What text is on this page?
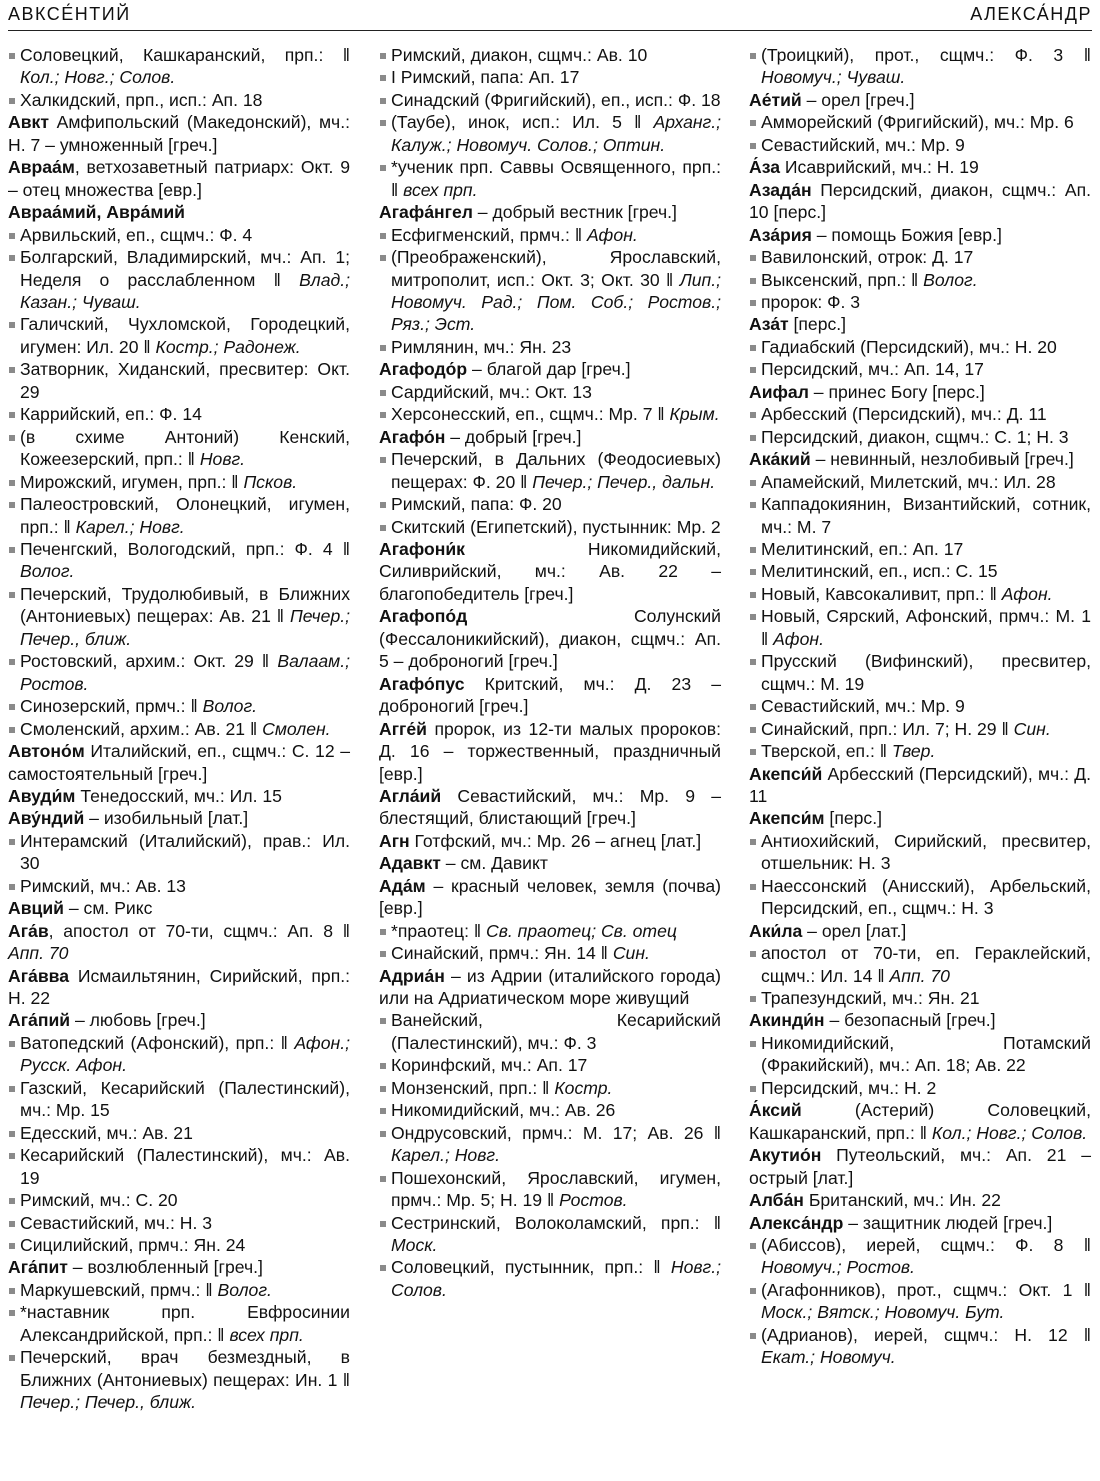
АВКСЕ́НТИЙ	АЛЕКСА́НДР
Соловецкий, Кашкаранский, прп.: ‖ Кол.; Новг.; Солов.
Халкидский, прп., исп.: Ап. 18
Авкт Амфипольский (Македонский), мч.: Н. 7 – умноженный [греч.]
Авраа́м, ветхозаветный патриарх: Окт. 9 – отец множества [евр.]
Авраа́мий, Авра́мий
Арвильский, еп., сщмч.: Ф. 4
Болгарский, Владимирский, мч.: Ап. 1; Неделя о расслабленном ‖ Влад.; Казан.; Чуваш.
Галичский, Чухломской, Городецкий, игумен: Ил. 20 ‖ Костр.; Радонеж.
Затворник, Хиданский, пресвитер: Окт. 29
Каррийский, еп.: Ф. 14
(в схиме Антоний) Кенский, Кожеезерский, прп.: ‖ Новг.
Мирожский, игумен, прп.: ‖ Псков.
Палеостровский, Олонецкий, игумен, прп.: ‖ Карел.; Новг.
Печенгский, Вологодский, прп.: Ф. 4 ‖ Волог.
Печерский, Трудолюбивый, в Ближних (Антониевых) пещерах: Ав. 21 ‖ Печер.; Печер., ближ.
Ростовский, архим.: Окт. 29 ‖ Валаам.; Ростов.
Синозерский, прмч.: ‖ Волог.
Смоленский, архим.: Ав. 21 ‖ Смолен.
Автоно́м Италийский, еп., сщмч.: С. 12 – самостоятельный [греч.]
Авуди́м Тенедосский, мч.: Ил. 15
Аву́ндий – изобильный [лат.]
Интерамский (Италийский), прав.: Ил. 30
Римский, мч.: Ав. 13
Авций – см. Рикс
Ага́в, апостол от 70-ти, сщмч.: Ап. 8 ‖ Апп. 70
Ага́вва Исмаильтянин, Сирийский, прп.: Н. 22
Ага́пий – любовь [греч.]
Ватопедский (Афонский), прп.: ‖ Афон.; Русск. Афон.
Газский, Кесарийский (Палестинский), мч.: Мр. 15
Едесский, мч.: Ав. 21
Кесарийский (Палестинский), мч.: Ав. 19
Римский, мч.: С. 20
Севастийский, мч.: Н. 3
Сицилийский, прмч.: Ян. 24
Ага́пит – возлюбленный [греч.]
Маркушевский, прмч.: ‖ Волог.
*наставник прп. Евфросинии Александрийской, прп.: ‖ всех прп.
Печерский, врач безмездный, в Ближних (Антониевых) пещерах: Ин. 1 ‖ Печер.; Печер., ближ.
Римский, диакон, сщмч.: Ав. 10
I Римский, папа: Ап. 17
Синадский (Фригийский), еп., исп.: Ф. 18
(Таубе), инок, исп.: Ил. 5 ‖ Арханг.; Калуж.; Новомуч. Солов.; Оптин.
*ученик прп. Саввы Освященного, прп.: ‖ всех прп.
Агафа́нгел – добрый вестник [греч.]
Есфигменский, прмч.: ‖ Афон.
(Преображенский), Ярославский, митрополит, исп.: Окт. 3; Окт. 30 ‖ Лип.; Новомуч. Рад.; Пом. Соб.; Ростов.; Ряз.; Эст.
Римлянин, мч.: Ян. 23
Агафодо́р – благой дар [греч.]
Сардийский, мч.: Окт. 13
Херсонесский, еп., сщмч.: Мр. 7 ‖ Крым.
Агафо́н – добрый [греч.]
Печерский, в Дальних (Феодосиевых) пещерах: Ф. 20 ‖ Печер.; Печер., дальн.
Римский, папа: Ф. 20
Скитский (Египетский), пустынник: Мр. 2
Агафони́к Никомидийский, Силиврийский, мч.: Ав. 22 – благопобедитель [греч.]
Агафопо́д Солунский (Фессалоникийский), диакон, сщмч.: Ап. 5 – доброногий [греч.]
Агафо́пус Критский, мч.: Д. 23 – доброногий [греч.]
Агге́й пророк, из 12-ти малых пророков: Д. 16 – торжественный, праздничный [евр.]
Агла́ий Севастийский, мч.: Мр. 9 – блестящий, блистающий [греч.]
Агн Готфский, мч.: Мр. 26 – агнец [лат.]
Адавкт – см. Давикт
Ада́м – красный человек, земля (почва) [евр.]
*праотец: ‖ Св. праотец; Св. отец
Синайский, прмч.: Ян. 14 ‖ Син.
Адриа́н – из Адрии (италийского города) или на Адриатическом море живущий
Ванейский, Кесарийский (Палестинский), мч.: Ф. 3
Коринфский, мч.: Ап. 17
Монзенский, прп.: ‖ Костр.
Никомидийский, мч.: Ав. 26
Ондрусовский, прмч.: М. 17; Ав. 26 ‖ Карел.; Новг.
Пошехонский, Ярославский, игумен, прмч.: Мр. 5; Н. 19 ‖ Ростов.
Сестринский, Волоколамский, прп.: ‖ Моск.
Соловецкий, пустынник, прп.: ‖ Новг.; Солов.
(Троицкий), прот., сщмч.: Ф. 3 ‖ Новомуч.; Чуваш.
Ае́тий – орел [греч.]
Амморейский (Фригийский), мч.: Мр. 6
Севастийский, мч.: Мр. 9
А́за Исаврийский, мч.: Н. 19
Азада́н Персидский, диакон, сщмч.: Ап. 10 [перс.]
Аза́рия – помощь Божия [евр.]
Вавилонский, отрок: Д. 17
Выксенский, прп.: ‖ Волог.
пророк: Ф. 3
Аза́т [перс.]
Гадиабский (Персидский), мч.: Н. 20
Персидский, мч.: Ап. 14, 17
Аифал – принес Богу [перс.]
Арбесский (Персидский), мч.: Д. 11
Персидский, диакон, сщмч.: С. 1; Н. 3
Ака́кий – невинный, незлобивый [греч.]
Апамейский, Милетский, мч.: Ил. 28
Каппадокиянин, Византийский, сотник, мч.: М. 7
Мелитинский, еп.: Ап. 17
Мелитинский, еп., исп.: С. 15
Новый, Кавсокаливит, прп.: ‖ Афон.
Новый, Сярский, Афонский, прмч.: М. 1 ‖ Афон.
Прусский (Вифинский), пресвитер, сщмч.: М. 19
Севастийский, мч.: Мр. 9
Синайский, прп.: Ил. 7; Н. 29 ‖ Син.
Тверской, еп.: ‖ Твер.
Акепси́й Арбесский (Персидский), мч.: Д. 11
Акепси́м [перс.]
Антиохийский, Сирийский, пресвитер, отшельник: Н. 3
Наессонский (Анисский), Арбельский, Персидский, еп., сщмч.: Н. 3
Аки́ла – орел [лат.]
апостол от 70-ти, еп. Гераклейский, сщмч.: Ил. 14 ‖ Апп. 70
Трапезундский, мч.: Ян. 21
Акинди́н – безопасный [греч.]
Никомидийский, Потамский (Фракийский), мч.: Ап. 18; Ав. 22
Персидский, мч.: Н. 2
А́ксий (Астерий) Соловецкий, Кашкаранский, прп.: ‖ Кол.; Новг.; Солов.
Акутио́н Путеольский, мч.: Ап. 21 – острый [лат.]
Алба́н Британский, мч.: Ин. 22
Алекса́ндр – защитник людей [греч.]
(Абиссов), иерей, сщмч.: Ф. 8 ‖ Новомуч.; Ростов.
(Агафонников), прот., сщмч.: Окт. 1 ‖ Моск.; Вятск.; Новомуч. Бут.
(Адрианов), иерей, сщмч.: Н. 12 ‖ Екат.; Новомуч.
